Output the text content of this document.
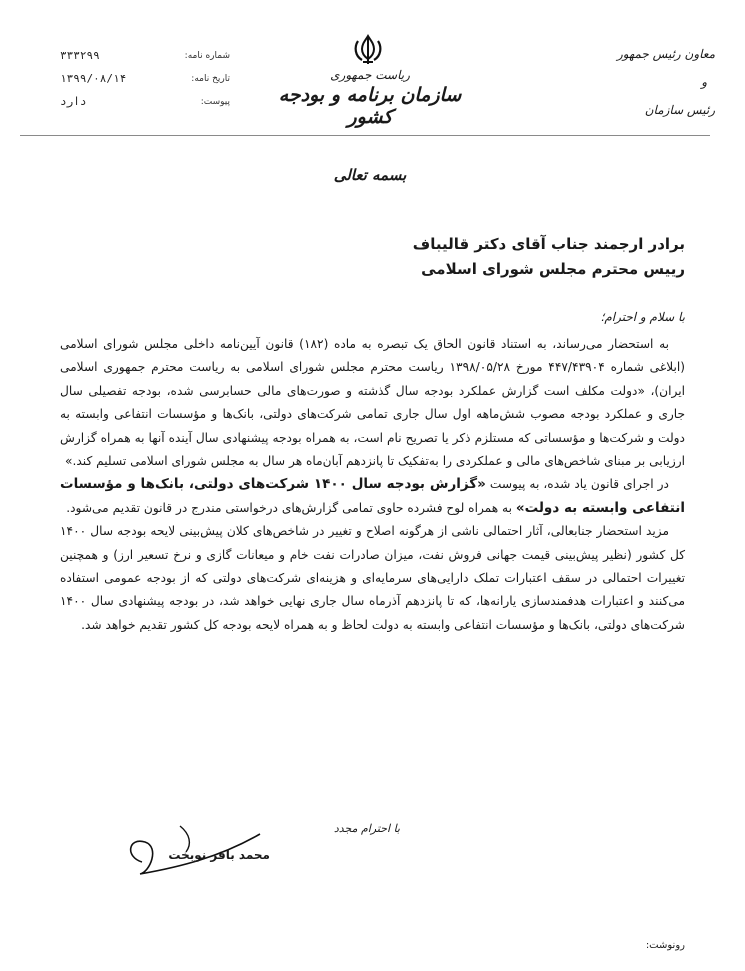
شماره نامه:
۳۳۳۲۹۹
تاریخ نامه:
۱۳۹۹/۰۸/۱۴
پیوست:
دارد
ریاست جمهوری
سازمان برنامه و بودجه کشور
معاون رئیس جمهور
و
رئیس سازمان
بسمه تعالی
برادر ارجمند جناب آقای دکتر قالیباف
رییس محترم مجلس شورای اسلامی
با سلام و احترام؛

به استحضار می‌رساند، به استناد قانون الحاق یک تبصره به ماده (۱۸۲) قانون آیین‌نامه داخلی مجلس شورای اسلامی (ابلاغی شماره ۴۴۷/۴۳۹۰۴ مورخ ۱۳۹۸/۰۵/۲۸ ریاست محترم مجلس شورای اسلامی به ریاست محترم جمهوری اسلامی ایران)، «دولت مکلف است گزارش عملکرد بودجه سال گذشته و صورت‌های مالی حسابرسی شده، بودجه تفصیلی سال جاری و عملکرد بودجه مصوب شش‌ماهه اول سال جاری تمامی شرکت‌های دولتی، بانک‌ها و مؤسسات انتفاعی وابسته به دولت و شرکت‌ها و مؤسساتی که مستلزم ذکر یا تصریح نام است، به همراه بودجه پیشنهادی سال آینده آنها به همراه گزارش ارزیابی بر مبنای شاخص‌های مالی و عملکردی را به‌تفکیک تا پانزدهم آبان‌ماه هر سال به مجلس شورای اسلامی تسلیم کند.»

در اجرای قانون یاد شده، به پیوست «گزارش بودجه سال ۱۴۰۰ شرکت‌های دولتی، بانک‌ها و مؤسسات انتفاعی وابسته به دولت» به همراه لوح فشرده حاوی تمامی گزارش‌های درخواستی مندرج در قانون تقدیم می‌شود.

مزید استحضار جنابعالی، آثار احتمالی ناشی از هرگونه اصلاح و تغییر در شاخص‌های کلان پیش‌بینی لایحه بودجه سال ۱۴۰۰ کل کشور (نظیر پیش‌بینی قیمت جهانی فروش نفت، میزان صادرات نفت خام و میعانات گازی و نرخ تسعیر ارز) و همچنین تغییرات احتمالی در سقف اعتبارات تملک دارایی‌های سرمایه‌ای و هزینه‌ای شرکت‌های دولتی که از بودجه عمومی استفاده می‌کنند و اعتبارات هدفمندسازی یارانه‌ها، که تا پانزدهم آذرماه سال جاری نهایی خواهد شد، در بودجه پیشنهادی سال ۱۴۰۰ شرکت‌های دولتی، بانک‌ها و مؤسسات انتفاعی وابسته به دولت لحاظ و به همراه لایحه بودجه کل کشور تقدیم خواهد شد.

با احترام مجدد
محمد باقر نوبخت
رونوشت:
